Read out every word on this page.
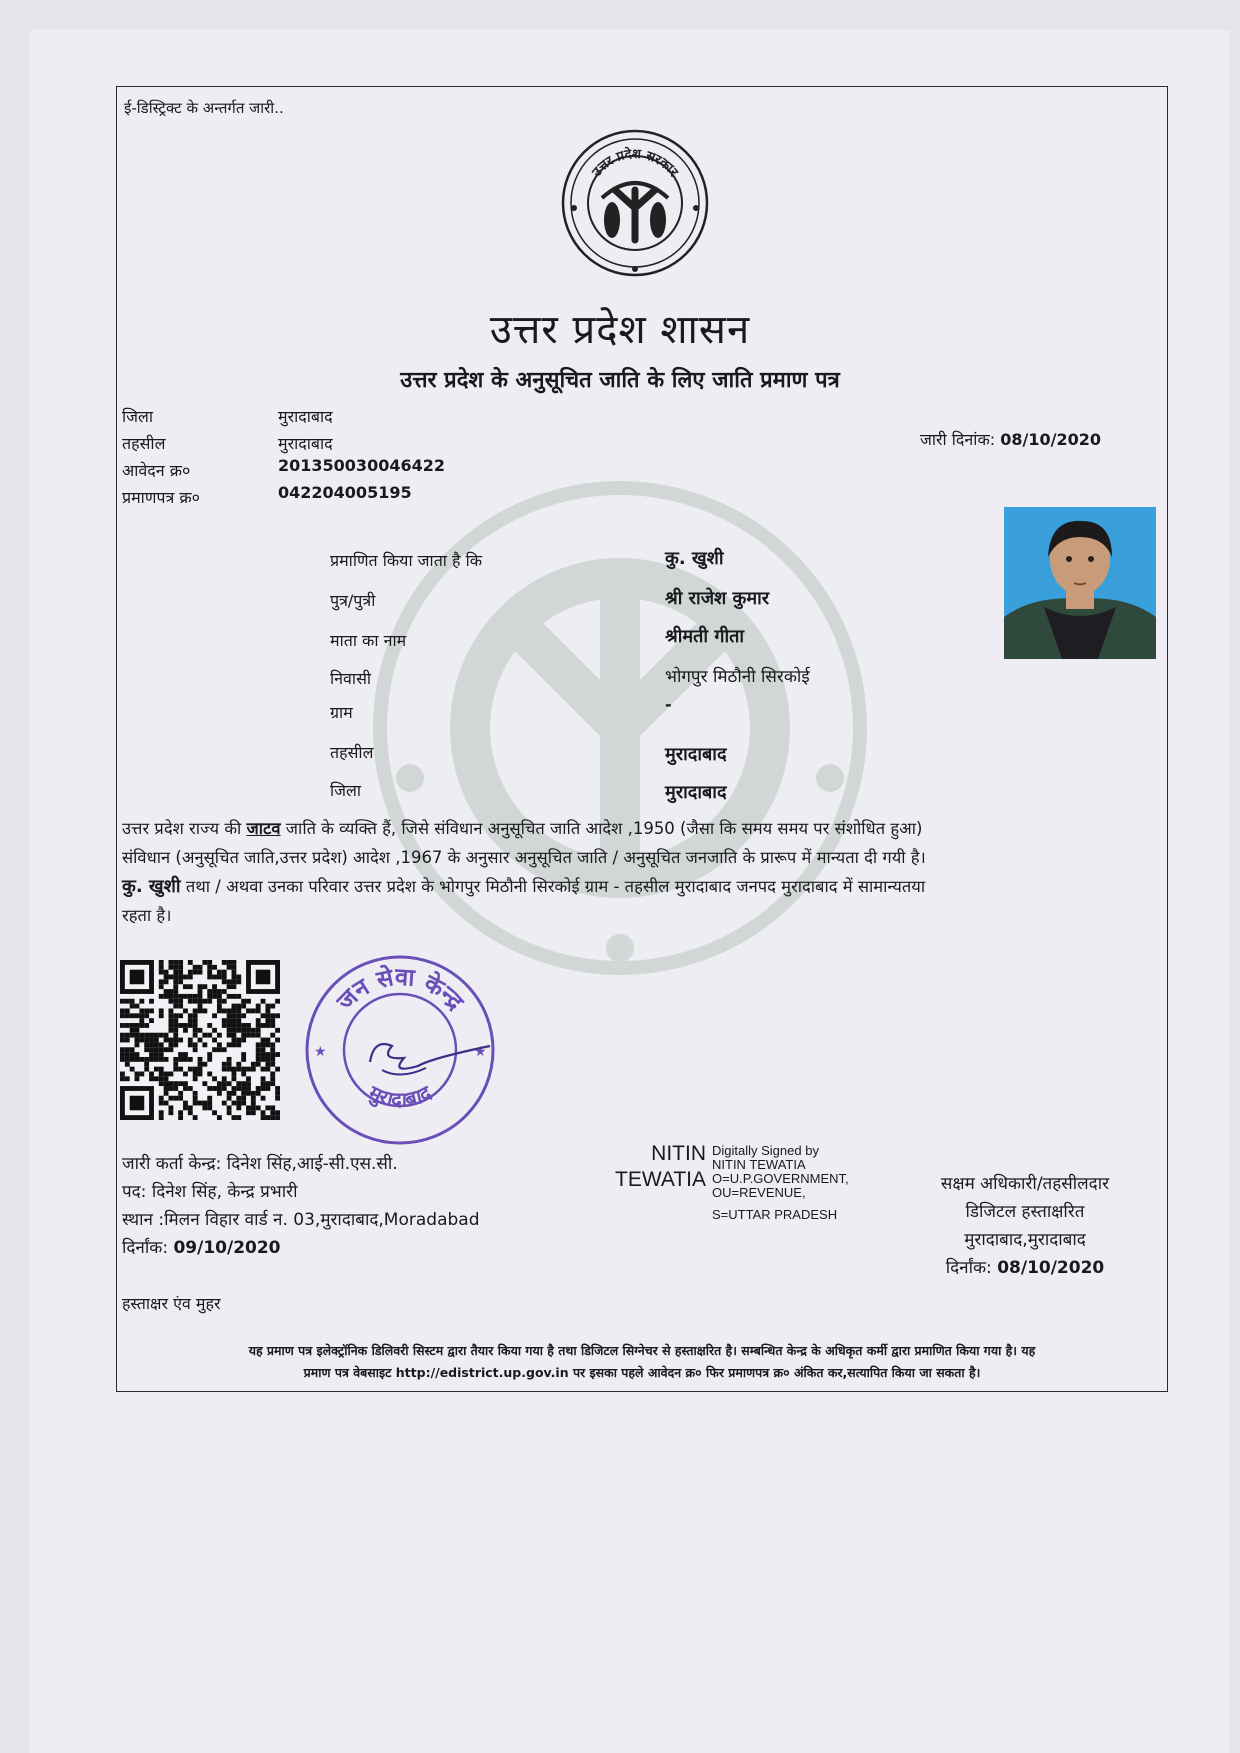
ई-डिस्ट्रिक्ट के अन्तर्गत जारी..
उत्तर प्रदेश सरकार
उत्तर प्रदेश शासन
उत्तर प्रदेश के अनुसूचित जाति के लिए जाति प्रमाण पत्र
जिला	मुरादाबाद
तहसील	मुरादाबाद
आवेदन क्र०	201350030046422
प्रमाणपत्र क्र०	042204005195
जारी दिनांक: 08/10/2020
प्रमाणित किया जाता है कि	कु. खुशी
पुत्र/पुत्री	श्री राजेश कुमार
माता का नाम	श्रीमती गीता
निवासी	भोगपुर मिठौनी सिरकोई
ग्राम	-
तहसील	मुरादाबाद
जिला	मुरादाबाद
उत्तर प्रदेश राज्य की जाटव जाति के व्यक्ति हैं, जिसे संविधान अनुसूचित जाति आदेश ,1950 (जैसा कि समय समय पर संशोधित हुआ)
संविधान (अनुसूचित जाति,उत्तर प्रदेश) आदेश ,1967 के अनुसार अनुसूचित जाति / अनुसूचित जनजाति के प्रारूप में मान्यता दी गयी है।
कु. खुशी तथा / अथवा उनका परिवार उत्तर प्रदेश के भोगपुर मिठौनी सिरकोई ग्राम - तहसील मुरादाबाद जनपद मुरादाबाद में सामान्यतया
रहता है।
जन सेवा केन्द्र
मुरादाबाद
★	★
जारी कर्ता केन्द्र: दिनेश सिंह,आई-सी.एस.सी.
पद: दिनेश सिंह, केन्द्र प्रभारी
स्थान :मिलन विहार वार्ड न. 03,मुरादाबाद,Moradabad
दिर्नांक: 09/10/2020
हस्ताक्षर एंव मुहर
NITIN
TEWATIA
Digitally Signed by
NITIN TEWATIA
O=U.P.GOVERNMENT,
OU=REVENUE,
S=UTTAR PRADESH
सक्षम अधिकारी/तहसीलदार
डिजिटल हस्ताक्षरित
मुरादाबाद,मुरादाबाद
दिर्नांक: 08/10/2020
यह प्रमाण पत्र इलेक्ट्रॉनिक डिलिवरी सिस्टम द्वारा तैयार किया गया है तथा डिजिटल सिग्नेचर से हस्ताक्षरित है। सम्बन्धित केन्द्र के अधिकृत कर्मी द्वारा प्रमाणित किया गया है। यह
प्रमाण पत्र वेबसाइट http://edistrict.up.gov.in पर इसका पहले आवेदन क्र० फिर प्रमाणपत्र क्र० अंकित कर,सत्यापित किया जा सकता है।
